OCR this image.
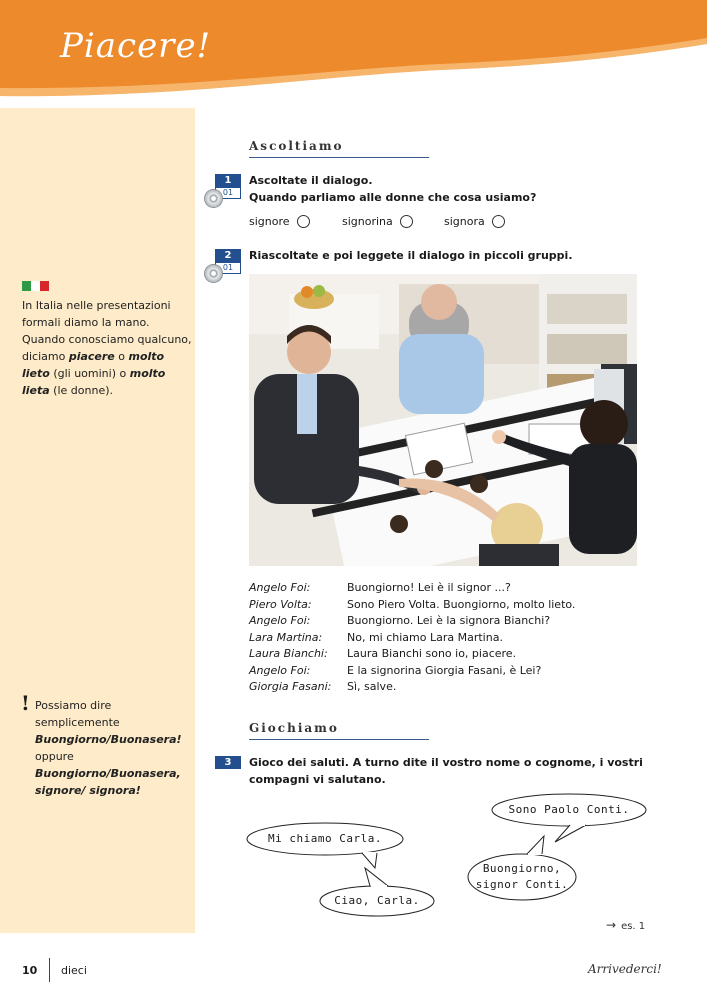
Piacere!
In Italia nelle presentazioni formali diamo la mano.
Quando conosciamo qualcuno, diciamo piacere o molto lieto (gli uomini) o molto lieta (le donne).
! Possiamo dire semplicemente Buongiorno/Buonasera! oppure Buongiorno/Buonasera, signore/ signora!
Ascoltiamo
1
01
Ascoltate il dialogo.
Quando parliamo alle donne che cosa usiamo?
signore	signorina	signora
2
01
Riascoltate e poi leggete il dialogo in piccoli gruppi.
Angelo Foi:	Buongiorno! Lei è il signor ...?
Piero Volta:	Sono Piero Volta. Buongiorno, molto lieto.
Angelo Foi:	Buongiorno. Lei è la signora Bianchi?
Lara Martina:	No, mi chiamo Lara Martina.
Laura Bianchi:	Laura Bianchi sono io, piacere.
Angelo Foi:	E la signorina Giorgia Fasani, è Lei?
Giorgia Fasani:	Sì, salve.
Giochiamo
3	Gioco dei saluti. A turno dite il vostro nome o cognome, i vostri compagni vi salutano.
Mi chiamo Carla.
Ciao, Carla.
Sono Paolo Conti.
Buongiorno,
signor Conti.
→ es. 1
10 dieci	Arrivederci!
